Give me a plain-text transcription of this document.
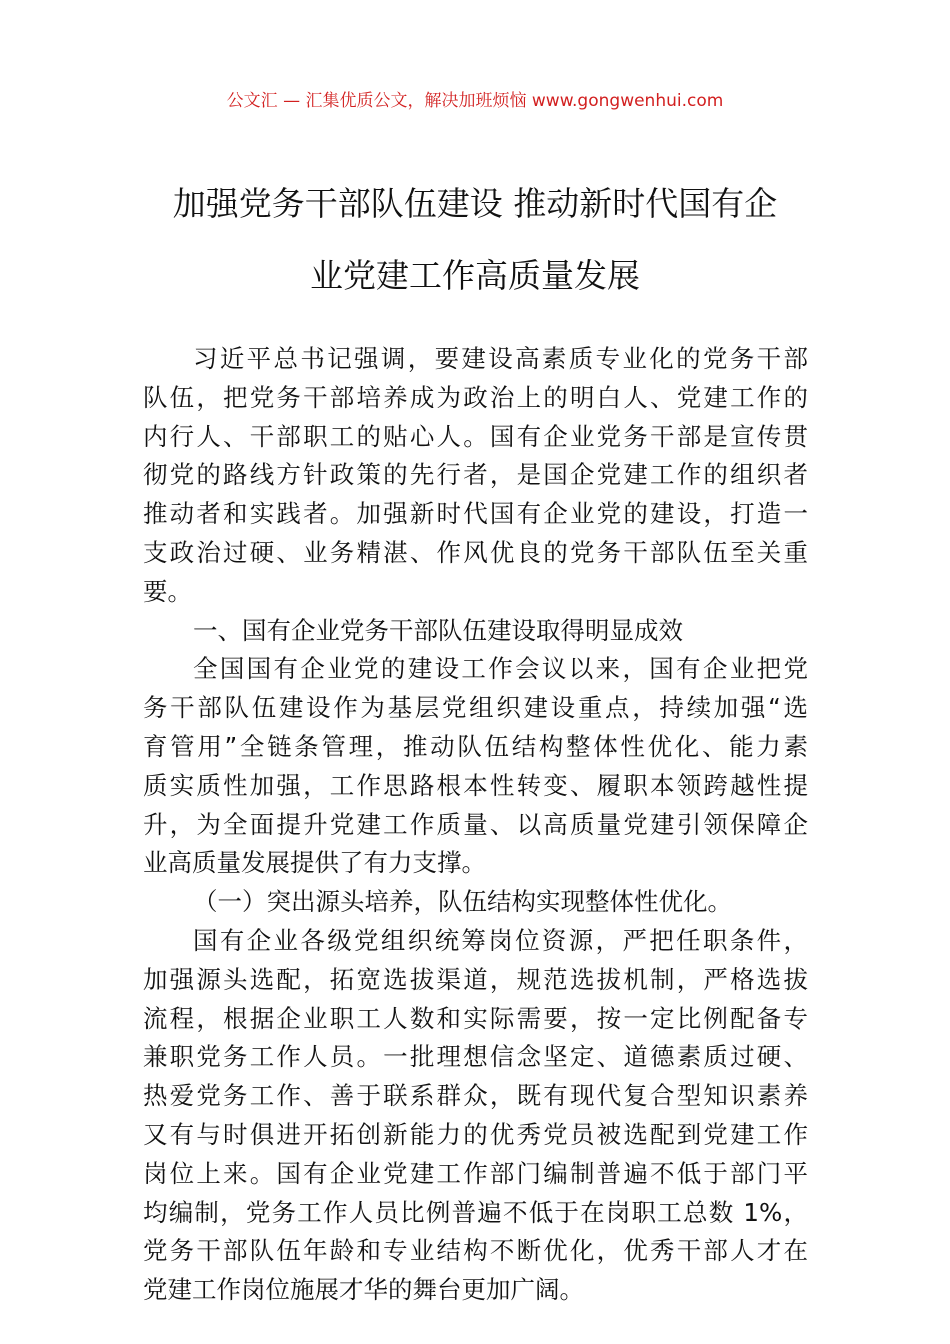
公文汇 — 汇集优质公文，解决加班烦恼 www.gongwenhui.com
加强党务干部队伍建设 推动新时代国有企
业党建工作高质量发展
习近平总书记强调，要建设高素质专业化的党务干部
队伍，把党务干部培养成为政治上的明白人、党建工作的
内行人、干部职工的贴心人。国有企业党务干部是宣传贯
彻党的路线方针政策的先行者，是国企党建工作的组织者
推动者和实践者。加强新时代国有企业党的建设，打造一
支政治过硬、业务精湛、作风优良的党务干部队伍至关重
要。
一、国有企业党务干部队伍建设取得明显成效
全国国有企业党的建设工作会议以来，国有企业把党
务干部队伍建设作为基层党组织建设重点，持续加强“选
育管用”全链条管理，推动队伍结构整体性优化、能力素
质实质性加强，工作思路根本性转变、履职本领跨越性提
升，为全面提升党建工作质量、以高质量党建引领保障企
业高质量发展提供了有力支撑。
（一）突出源头培养，队伍结构实现整体性优化。
国有企业各级党组织统筹岗位资源，严把任职条件，
加强源头选配，拓宽选拔渠道，规范选拔机制，严格选拔
流程，根据企业职工人数和实际需要，按一定比例配备专
兼职党务工作人员。一批理想信念坚定、道德素质过硬、
热爱党务工作、善于联系群众，既有现代复合型知识素养
又有与时俱进开拓创新能力的优秀党员被选配到党建工作
岗位上来。国有企业党建工作部门编制普遍不低于部门平
均编制，党务工作人员比例普遍不低于在岗职工总数 1%，
党务干部队伍年龄和专业结构不断优化，优秀干部人才在
党建工作岗位施展才华的舞台更加广阔。
